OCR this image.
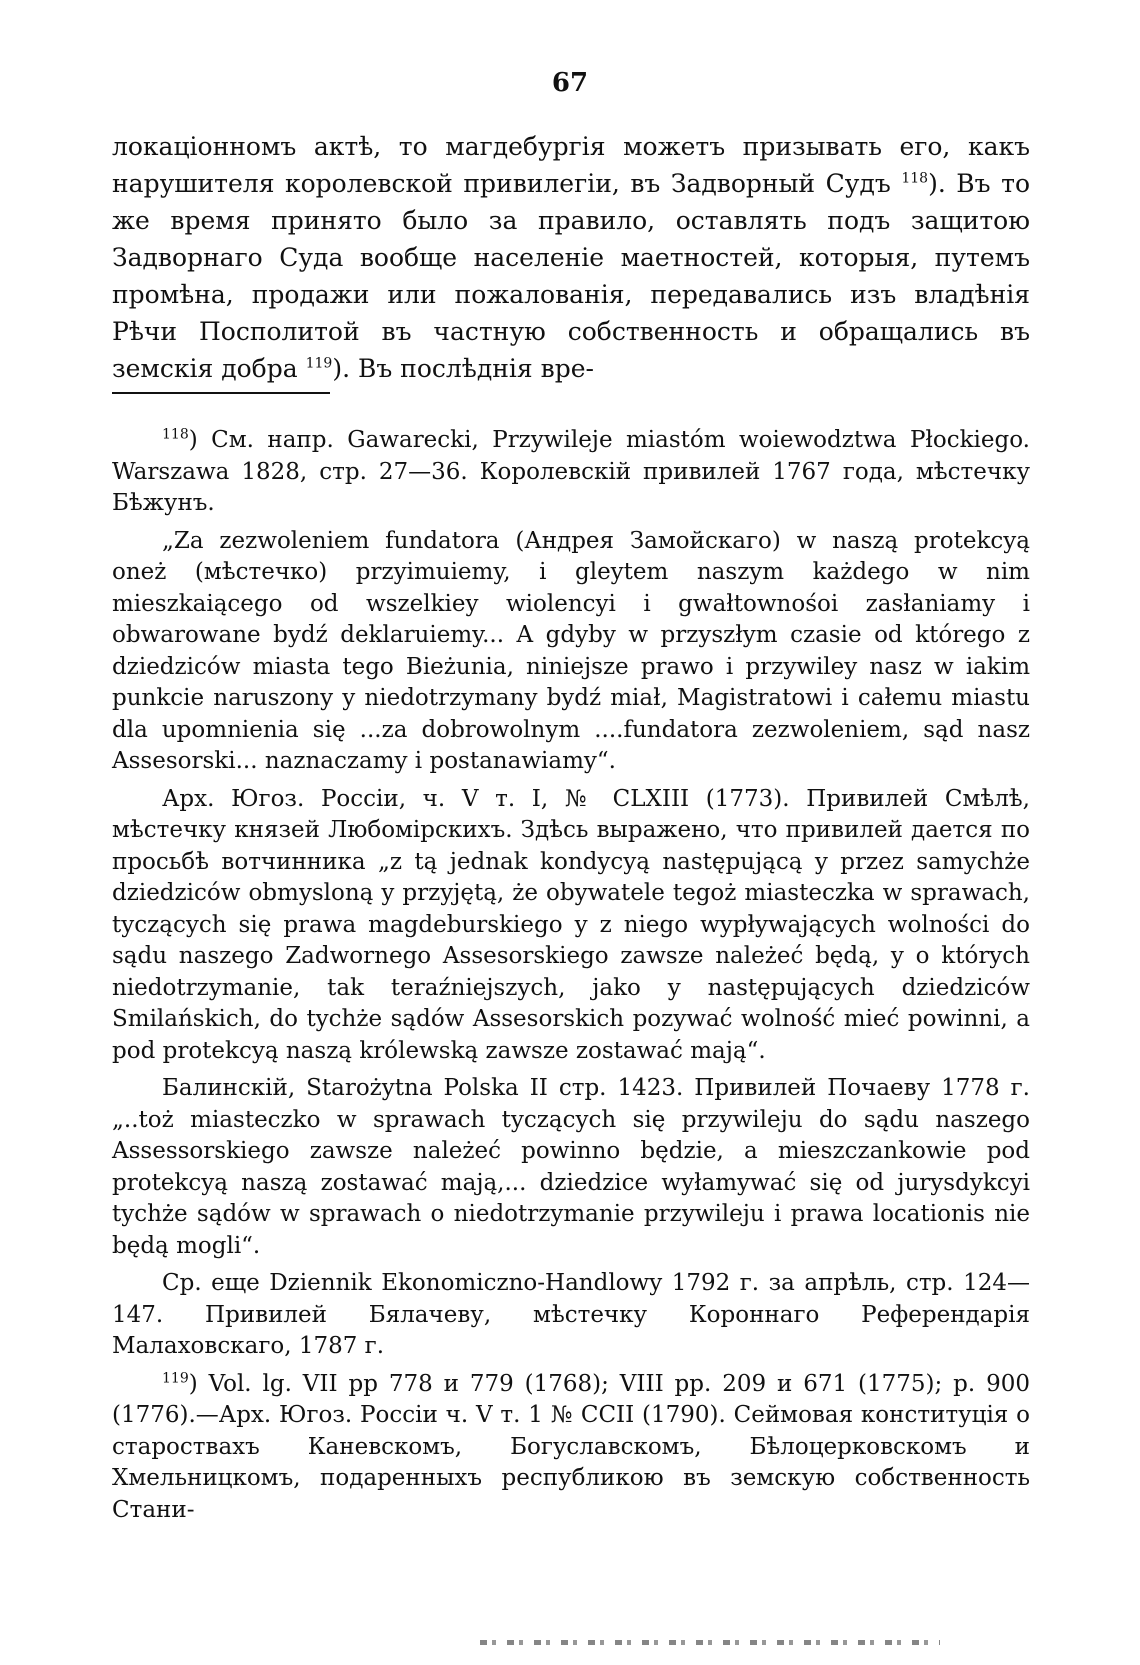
67

локаціонномъ актѣ, то магдебургія можетъ призывать его, какъ нарушителя королевской привилегіи, въ Задворный Судъ $^{118}$). Въ то же время принято было за правило, оставлять подъ защитою Задворнаго Суда вообще населеніе маетностей, которыя, путемъ промѣна, продажи или пожалованія, передавались изъ владѣнія Рѣчи Посполитой въ частную собственность и обращались въ земскія добра $^{119}$). Въ послѣднія вре-

$^{118}$) См. напр. Gawarecki, Przywileje miastóm woiewodztwa Płockiego. Warszawa 1828, стр. 27—36. Королевскій привилей 1767 года, мѣстечку Бѣжунъ.

„Za zezwoleniem fundatora (Андрея Замойскаго) w naszą protekcyą oneż (мѣстечко) przyimuiemy, i gleytem naszym każdego w nim mieszkaiącego od wszelkiey wiolencyi i gwałtownośoi zasłaniamy i obwarowane bydź deklaruiemy... A gdyby w przyszłym czasie od którego z dziedziców miasta tego Bieżunia, niniejsze prawo i przywiley nasz w iakim punkcie naruszony y niedotrzymany bydź miał, Magistratowi i całemu miastu dla upomnienia się ...za dobrowolnym ....fundatora zezwoleniem, sąd nasz Assesorski... naznaczamy i postanawiamy“.

Арх. Югоз. Россіи, ч. V т. I, № CLXIII (1773). Привилей Смѣлѣ, мѣстечку князей Любомірскихъ. Здѣсь выражено, что привилей дается по просьбѣ вотчинника „z tą jednak kondycyą następującą y przez samychże dziedziców obmysloną y przyjętą, że obywatele tegoż miasteczka w sprawach, tyczących się prawa magdeburskiego y z niego wypływających wolności do sądu naszego Zadwornego Assesorskiego zawsze należeć będą, y o których niedotrzymanie, tak teraźniejszych, jako y następujących dziedziców Smilańskich, do tychże sądów Assesorskich pozywać wolność mieć powinni, a pod protekcyą naszą królewską zawsze zostawać mają“.

Балинскій, Starożytna Polska II стр. 1423. Привилей Почаеву 1778 г. „..toż miasteczko w sprawach tyczących się przywileju do sądu naszego Assessorskiego zawsze należeć powinno będzie, a mieszczankowie pod protekcyą naszą zostawać mają,... dziedzice wyłamywać się od jurysdykcyi tychże sądów w sprawach o niedotrzymanie przywileju i prawa locationis nie będą mogli“.

Ср. еще Dziennik Ekonomiczno-Handlowy 1792 г. за апрѣль, стр. 124—147. Привилей Бялачеву, мѣстечку Короннаго Референдарія Малаховскаго, 1787 г.

$^{119}$) Vol. lg. VII pp 778 и 779 (1768); VIII pp. 209 и 671 (1775); p. 900 (1776).—Арх. Югоз. Россіи ч. V т. 1 № CCII (1790). Сеймовая конституція о староствахъ Каневскомъ, Богуславскомъ, Бѣлоцерковскомъ и Хмельницкомъ, подаренныхъ республикою въ земскую собственность Стани-
